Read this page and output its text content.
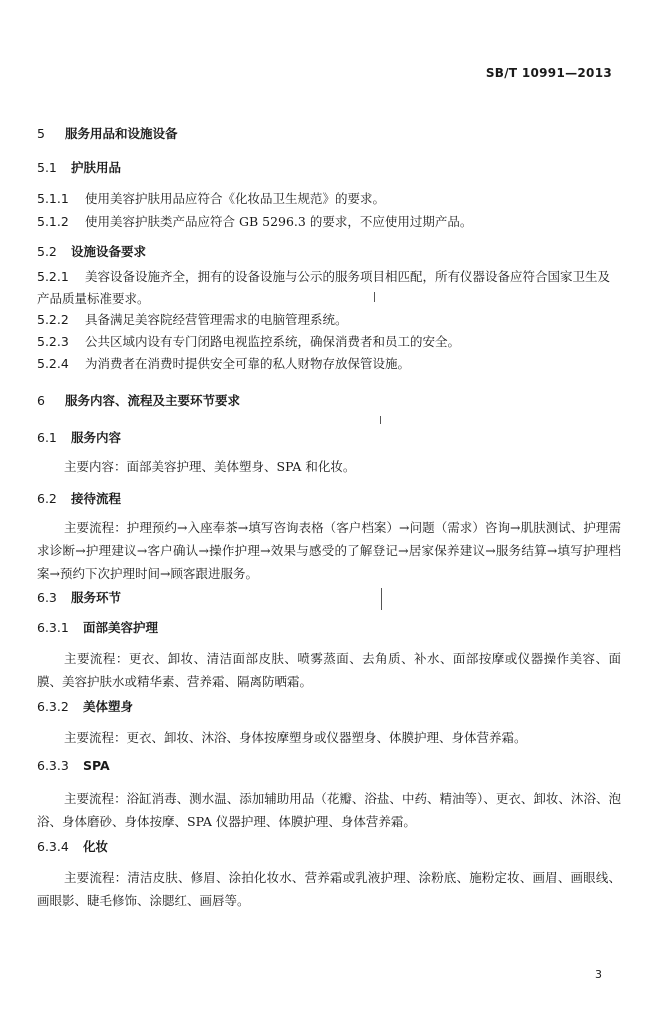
SB/T 10991—2013
5 服务用品和设施设备
5.1 护肤用品
5.1.1 使用美容护肤用品应符合《化妆品卫生规范》的要求。
5.1.2 使用美容护肤类产品应符合 GB 5296.3 的要求，不应使用过期产品。
5.2 设施设备要求
5.2.1 美容设备设施齐全，拥有的设备设施与公示的服务项目相匹配，所有仪器设备应符合国家卫生及产品质量标准要求。
5.2.2 具备满足美容院经营管理需求的电脑管理系统。
5.2.3 公共区域内设有专门闭路电视监控系统，确保消费者和员工的安全。
5.2.4 为消费者在消费时提供安全可靠的私人财物存放保管设施。
6 服务内容、流程及主要环节要求
6.1 服务内容
主要内容：面部美容护理、美体塑身、SPA 和化妆。
6.2 接待流程
主要流程：护理预约→入座奉茶→填写咨询表格（客户档案）→问题（需求）咨询→肌肤测试、护理需求诊断→护理建议→客户确认→操作护理→效果与感受的了解登记→居家保养建议→服务结算→填写护理档案→预约下次护理时间→顾客跟进服务。
6.3 服务环节
6.3.1 面部美容护理
主要流程：更衣、卸妆、清洁面部皮肤、喷雾蒸面、去角质、补水、面部按摩或仪器操作美容、面膜、美容护肤水或精华素、营养霜、隔离防晒霜。
6.3.2 美体塑身
主要流程：更衣、卸妆、沐浴、身体按摩塑身或仪器塑身、体膜护理、身体营养霜。
6.3.3 SPA
主要流程：浴缸消毒、测水温、添加辅助用品（花瓣、浴盐、中药、精油等）、更衣、卸妆、沐浴、泡浴、身体磨砂、身体按摩、SPA 仪器护理、体膜护理、身体营养霜。
6.3.4 化妆
主要流程：清洁皮肤、修眉、涂拍化妆水、营养霜或乳液护理、涂粉底、施粉定妆、画眉、画眼线、画眼影、睫毛修饰、涂腮红、画唇等。
3
